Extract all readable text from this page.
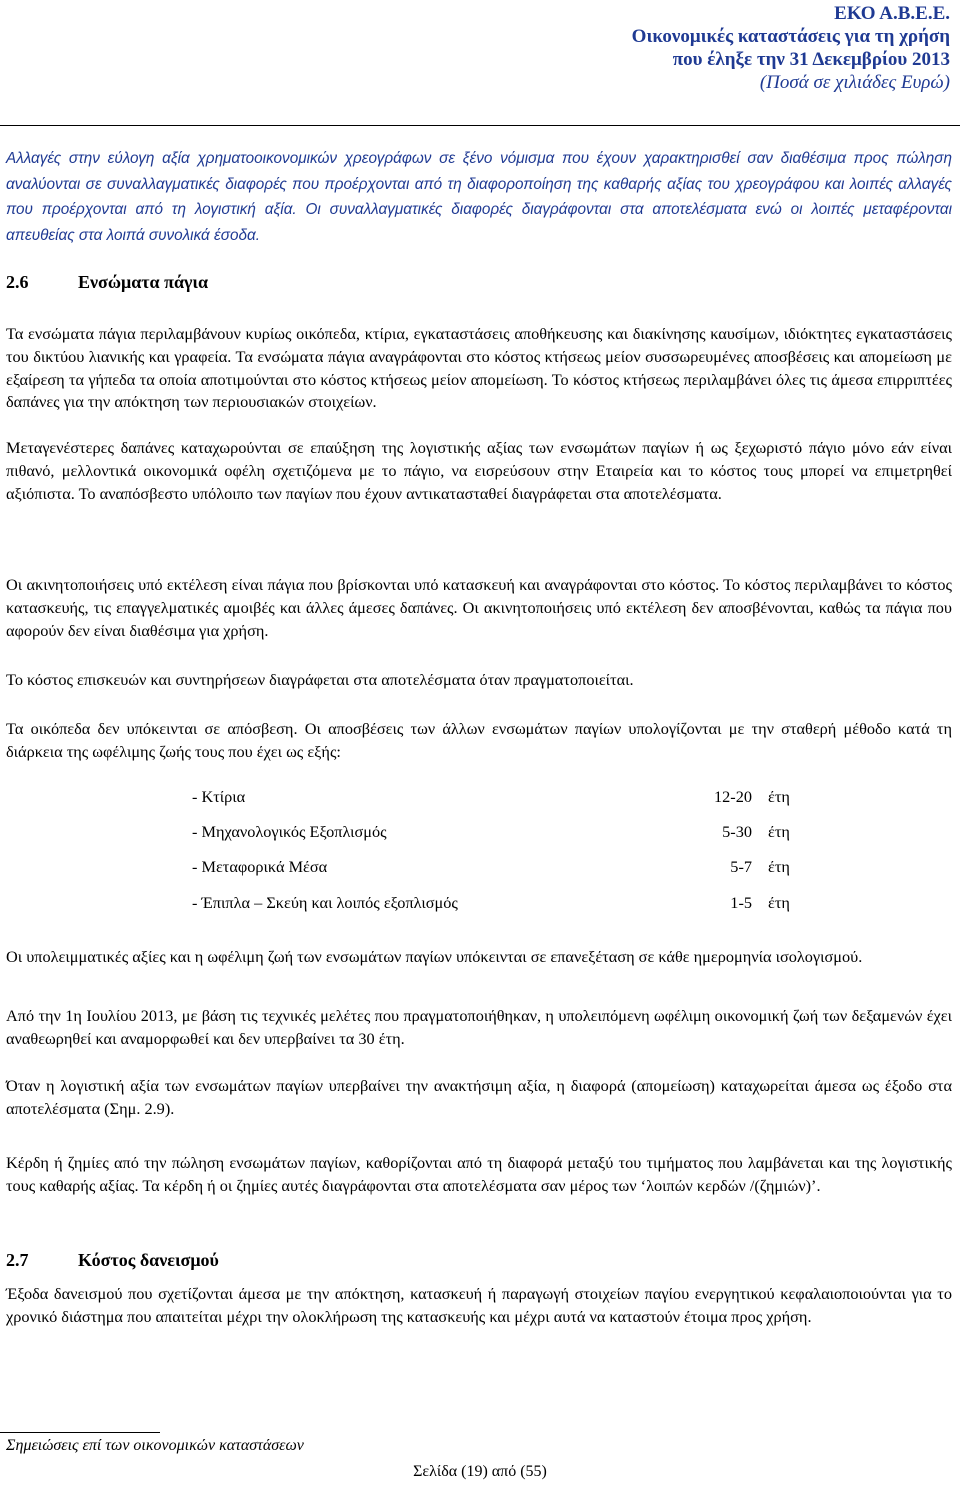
ΕΚΟ Α.Β.Ε.Ε.
Οικονομικές καταστάσεις για τη χρήση
που έληξε την 31 Δεκεμβρίου 2013
(Ποσά σε χιλιάδες Ευρώ)
Αλλαγές στην εύλογη αξία χρηματοοικονομικών χρεογράφων σε ξένο νόμισμα που έχουν χαρακτηρισθεί σαν διαθέσιμα προς πώληση αναλύονται σε συναλλαγματικές διαφορές που προέρχονται από τη διαφοροποίηση της καθαρής αξίας του χρεογράφου και λοιπές αλλαγές που προέρχονται από τη λογιστική αξία. Οι συναλλαγματικές διαφορές διαγράφονται στα αποτελέσματα ενώ οι λοιπές μεταφέρονται απευθείας στα λοιπά συνολικά έσοδα.
2.6	Ενσώματα πάγια
Τα ενσώματα πάγια περιλαμβάνουν κυρίως οικόπεδα, κτίρια, εγκαταστάσεις αποθήκευσης και διακίνησης καυσίμων, ιδιόκτητες εγκαταστάσεις του δικτύου λιανικής και γραφεία. Τα ενσώματα πάγια αναγράφονται στο κόστος κτήσεως μείον συσσωρευμένες αποσβέσεις και απομείωση με εξαίρεση τα γήπεδα τα οποία αποτιμούνται στο κόστος κτήσεως μείον απομείωση. Το κόστος κτήσεως περιλαμβάνει όλες τις άμεσα επιρριπτέες δαπάνες για την απόκτηση των περιουσιακών στοιχείων.
Μεταγενέστερες δαπάνες καταχωρούνται σε επαύξηση της λογιστικής αξίας των ενσωμάτων παγίων ή ως ξεχωριστό πάγιο μόνο εάν είναι πιθανό, μελλοντικά οικονομικά οφέλη σχετιζόμενα με το πάγιο, να εισρεύσουν στην Εταιρεία και το κόστος τους μπορεί να επιμετρηθεί αξιόπιστα. Το αναπόσβεστο υπόλοιπο των παγίων που έχουν αντικατασταθεί διαγράφεται στα αποτελέσματα.
Οι ακινητοποιήσεις υπό εκτέλεση είναι πάγια που βρίσκονται υπό κατασκευή και αναγράφονται στο κόστος. Το κόστος περιλαμβάνει το κόστος κατασκευής, τις επαγγελματικές αμοιβές και άλλες άμεσες δαπάνες. Οι ακινητοποιήσεις υπό εκτέλεση δεν αποσβένονται, καθώς τα πάγια που αφορούν δεν είναι διαθέσιμα για χρήση.
Το κόστος επισκευών και συντηρήσεων διαγράφεται στα αποτελέσματα όταν πραγματοποιείται.
Τα οικόπεδα δεν υπόκεινται σε απόσβεση. Οι αποσβέσεις των άλλων ενσωμάτων παγίων υπολογίζονται με την σταθερή μέθοδο κατά τη διάρκεια της ωφέλιμης ζωής τους που έχει ως εξής:
- Κτίρια	12-20 έτη
- Μηχανολογικός Εξοπλισμός	5-30 έτη
- Μεταφορικά Μέσα	5-7 έτη
- Έπιπλα – Σκεύη και λοιπός εξοπλισμός	1-5 έτη
Οι υπολειμματικές αξίες και η ωφέλιμη ζωή των ενσωμάτων παγίων υπόκεινται σε επανεξέταση σε κάθε ημερομηνία ισολογισμού.
Από την 1η Ιουλίου 2013, με βάση τις τεχνικές μελέτες που πραγματοποιήθηκαν, η υπολειπόμενη ωφέλιμη οικονομική ζωή των δεξαμενών έχει αναθεωρηθεί και αναμορφωθεί και δεν υπερβαίνει τα 30 έτη.
Όταν η λογιστική αξία των ενσωμάτων παγίων υπερβαίνει την ανακτήσιμη αξία, η διαφορά (απομείωση) καταχωρείται άμεσα ως έξοδο στα αποτελέσματα (Σημ. 2.9).
Κέρδη ή ζημίες από την πώληση ενσωμάτων παγίων, καθορίζονται από τη διαφορά μεταξύ του τιμήματος που λαμβάνεται και της λογιστικής τους καθαρής αξίας. Τα κέρδη ή οι ζημίες αυτές διαγράφονται στα αποτελέσματα σαν μέρος των ‘λοιπών κερδών /(ζημιών)’.
2.7	Κόστος δανεισμού
Έξοδα δανεισμού που σχετίζονται άμεσα με την απόκτηση, κατασκευή ή παραγωγή στοιχείων παγίου ενεργητικού κεφαλαιοποιούνται για το χρονικό διάστημα που απαιτείται μέχρι την ολοκλήρωση της κατασκευής και μέχρι αυτά να καταστούν έτοιμα προς χρήση.
Σημειώσεις επί των οικονομικών καταστάσεων
Σελίδα (19) από (55)
